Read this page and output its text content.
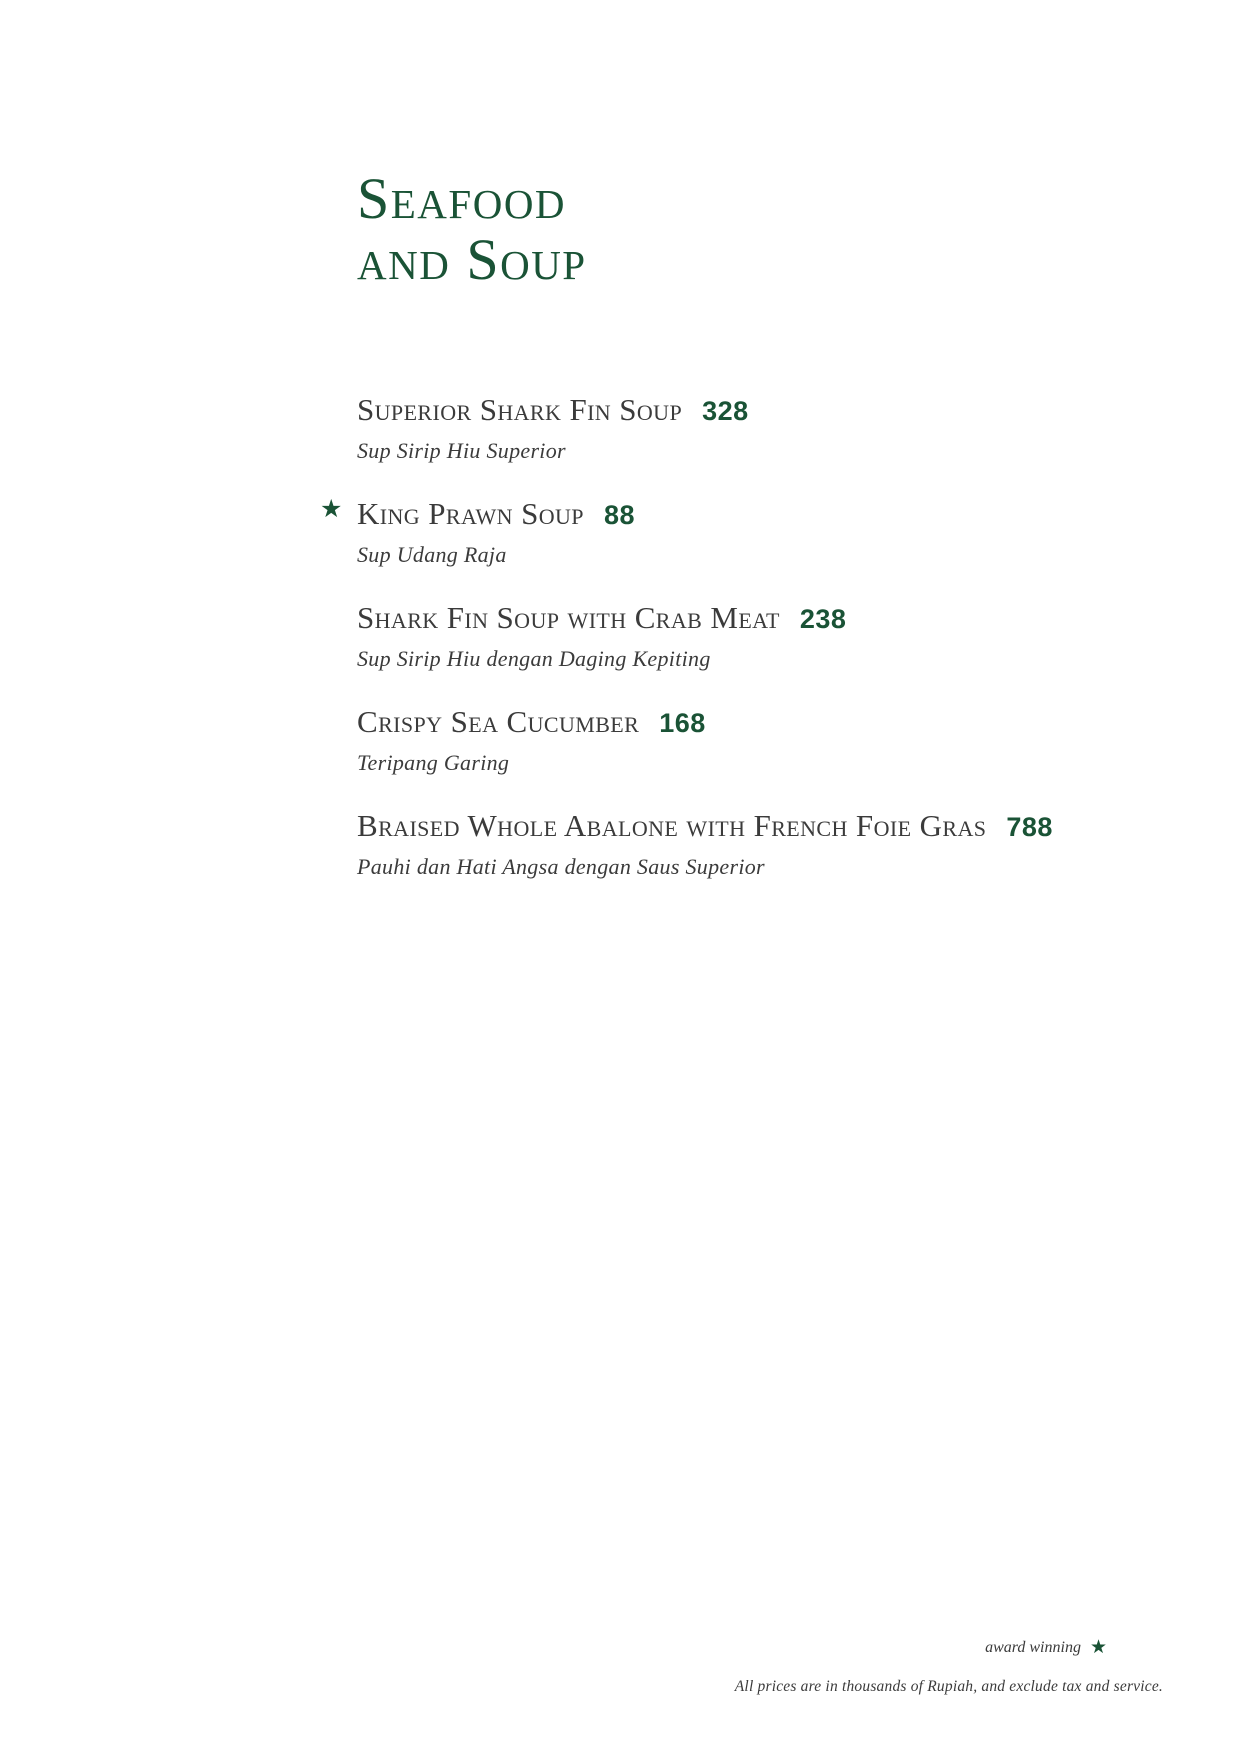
Seafood
and Soup
Superior Shark Fin Soup 328
Sup Sirip Hiu Superior
★ King Prawn Soup 88
Sup Udang Raja
Shark Fin Soup with Crab Meat 238
Sup Sirip Hiu dengan Daging Kepiting
Crispy Sea Cucumber 168
Teripang Garing
Braised Whole Abalone with French Foie Gras 788
Pauhi dan Hati Angsa dengan Saus Superior
award winning ★
All prices are in thousands of Rupiah, and exclude tax and service.
